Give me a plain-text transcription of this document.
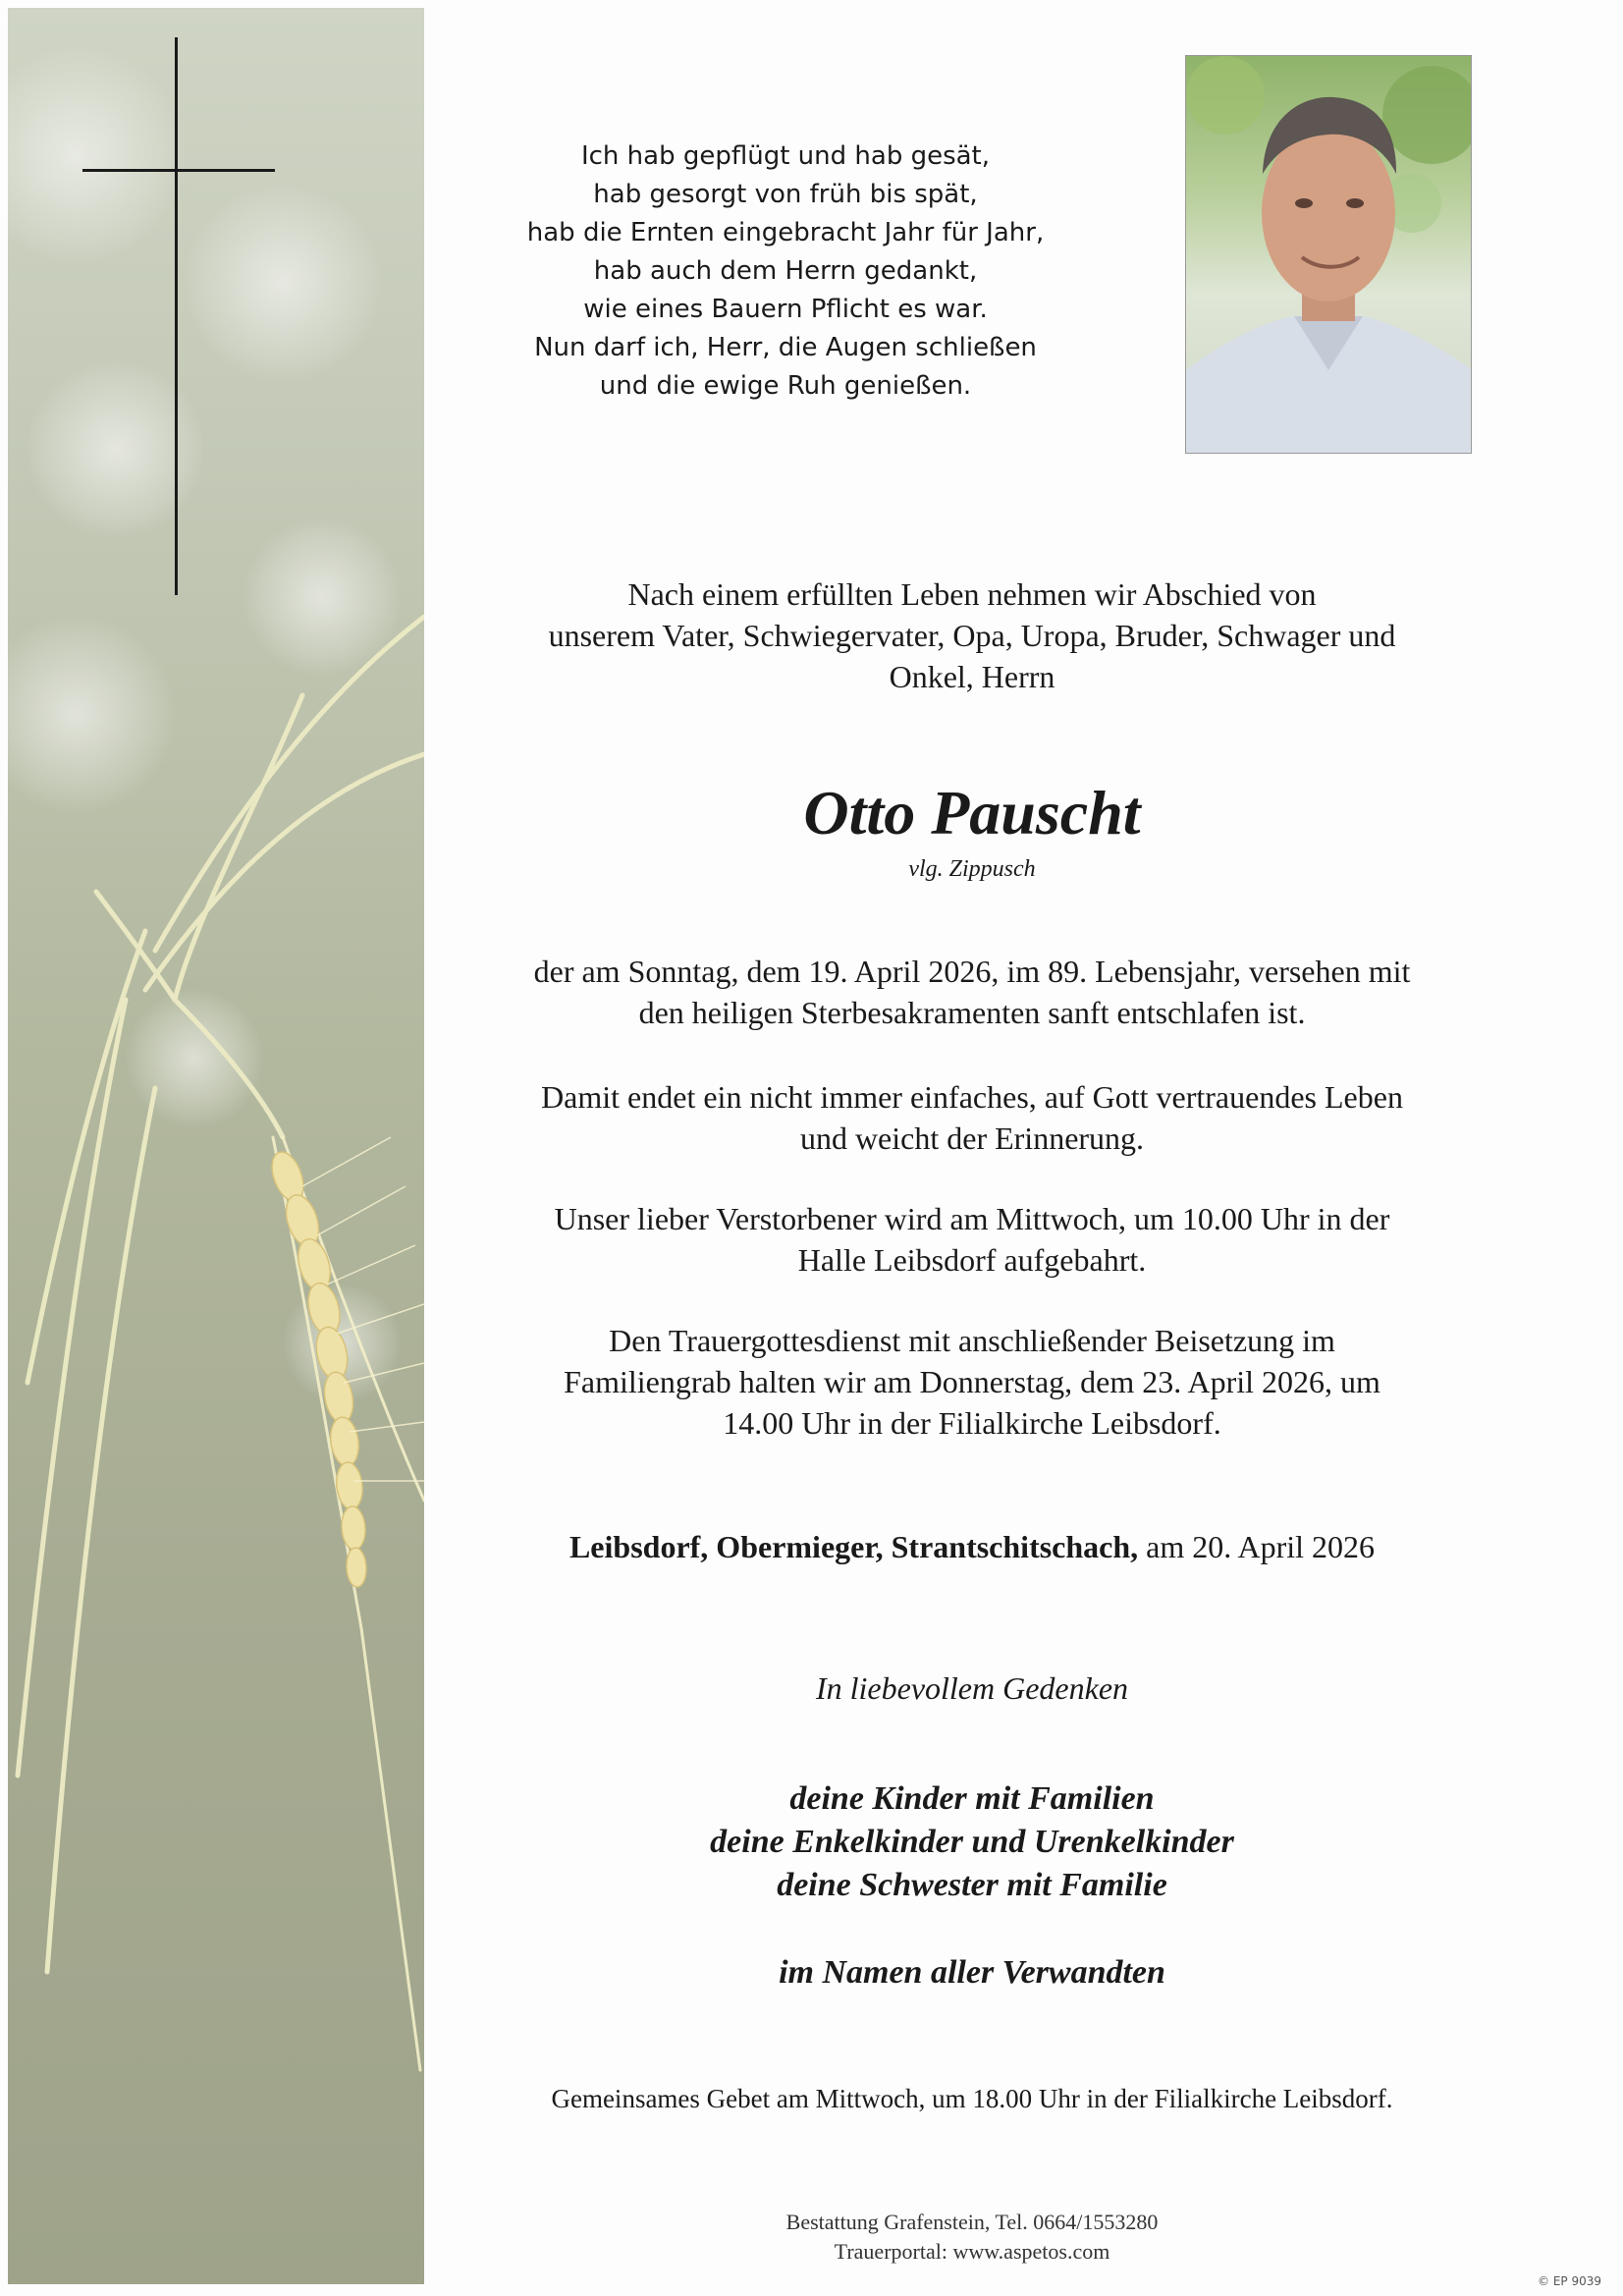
Ich hab gepflügt und hab gesät,
hab gesorgt von früh bis spät,
hab die Ernten eingebracht Jahr für Jahr,
hab auch dem Herrn gedankt,
wie eines Bauern Pflicht es war.
Nun darf ich, Herr, die Augen schließen
und die ewige Ruh genießen.
Nach einem erfüllten Leben nehmen wir Abschied von
unserem Vater, Schwiegervater, Opa, Uropa, Bruder, Schwager und
Onkel, Herrn
Otto Pauscht
vlg. Zippusch
der am Sonntag, dem 19. April 2026, im 89. Lebensjahr, versehen mit
den heiligen Sterbesakramenten sanft entschlafen ist.
Damit endet ein nicht immer einfaches, auf Gott vertrauendes Leben
und weicht der Erinnerung.
Unser lieber Verstorbener wird am Mittwoch, um 10.00 Uhr in der
Halle Leibsdorf aufgebahrt.
Den Trauergottesdienst mit anschließender Beisetzung im
Familiengrab halten wir am Donnerstag, dem 23. April 2026, um
14.00 Uhr in der Filialkirche Leibsdorf.
Leibsdorf, Obermieger, Strantschitschach, am 20. April 2026
In liebevollem Gedenken
deine Kinder mit Familien
deine Enkelkinder und Urenkelkinder
deine Schwester mit Familie
im Namen aller Verwandten
Gemeinsames Gebet am Mittwoch, um 18.00 Uhr in der Filialkirche Leibsdorf.
Bestattung Grafenstein, Tel. 0664/1553280
Trauerportal: www.aspetos.com
© EP 9039
